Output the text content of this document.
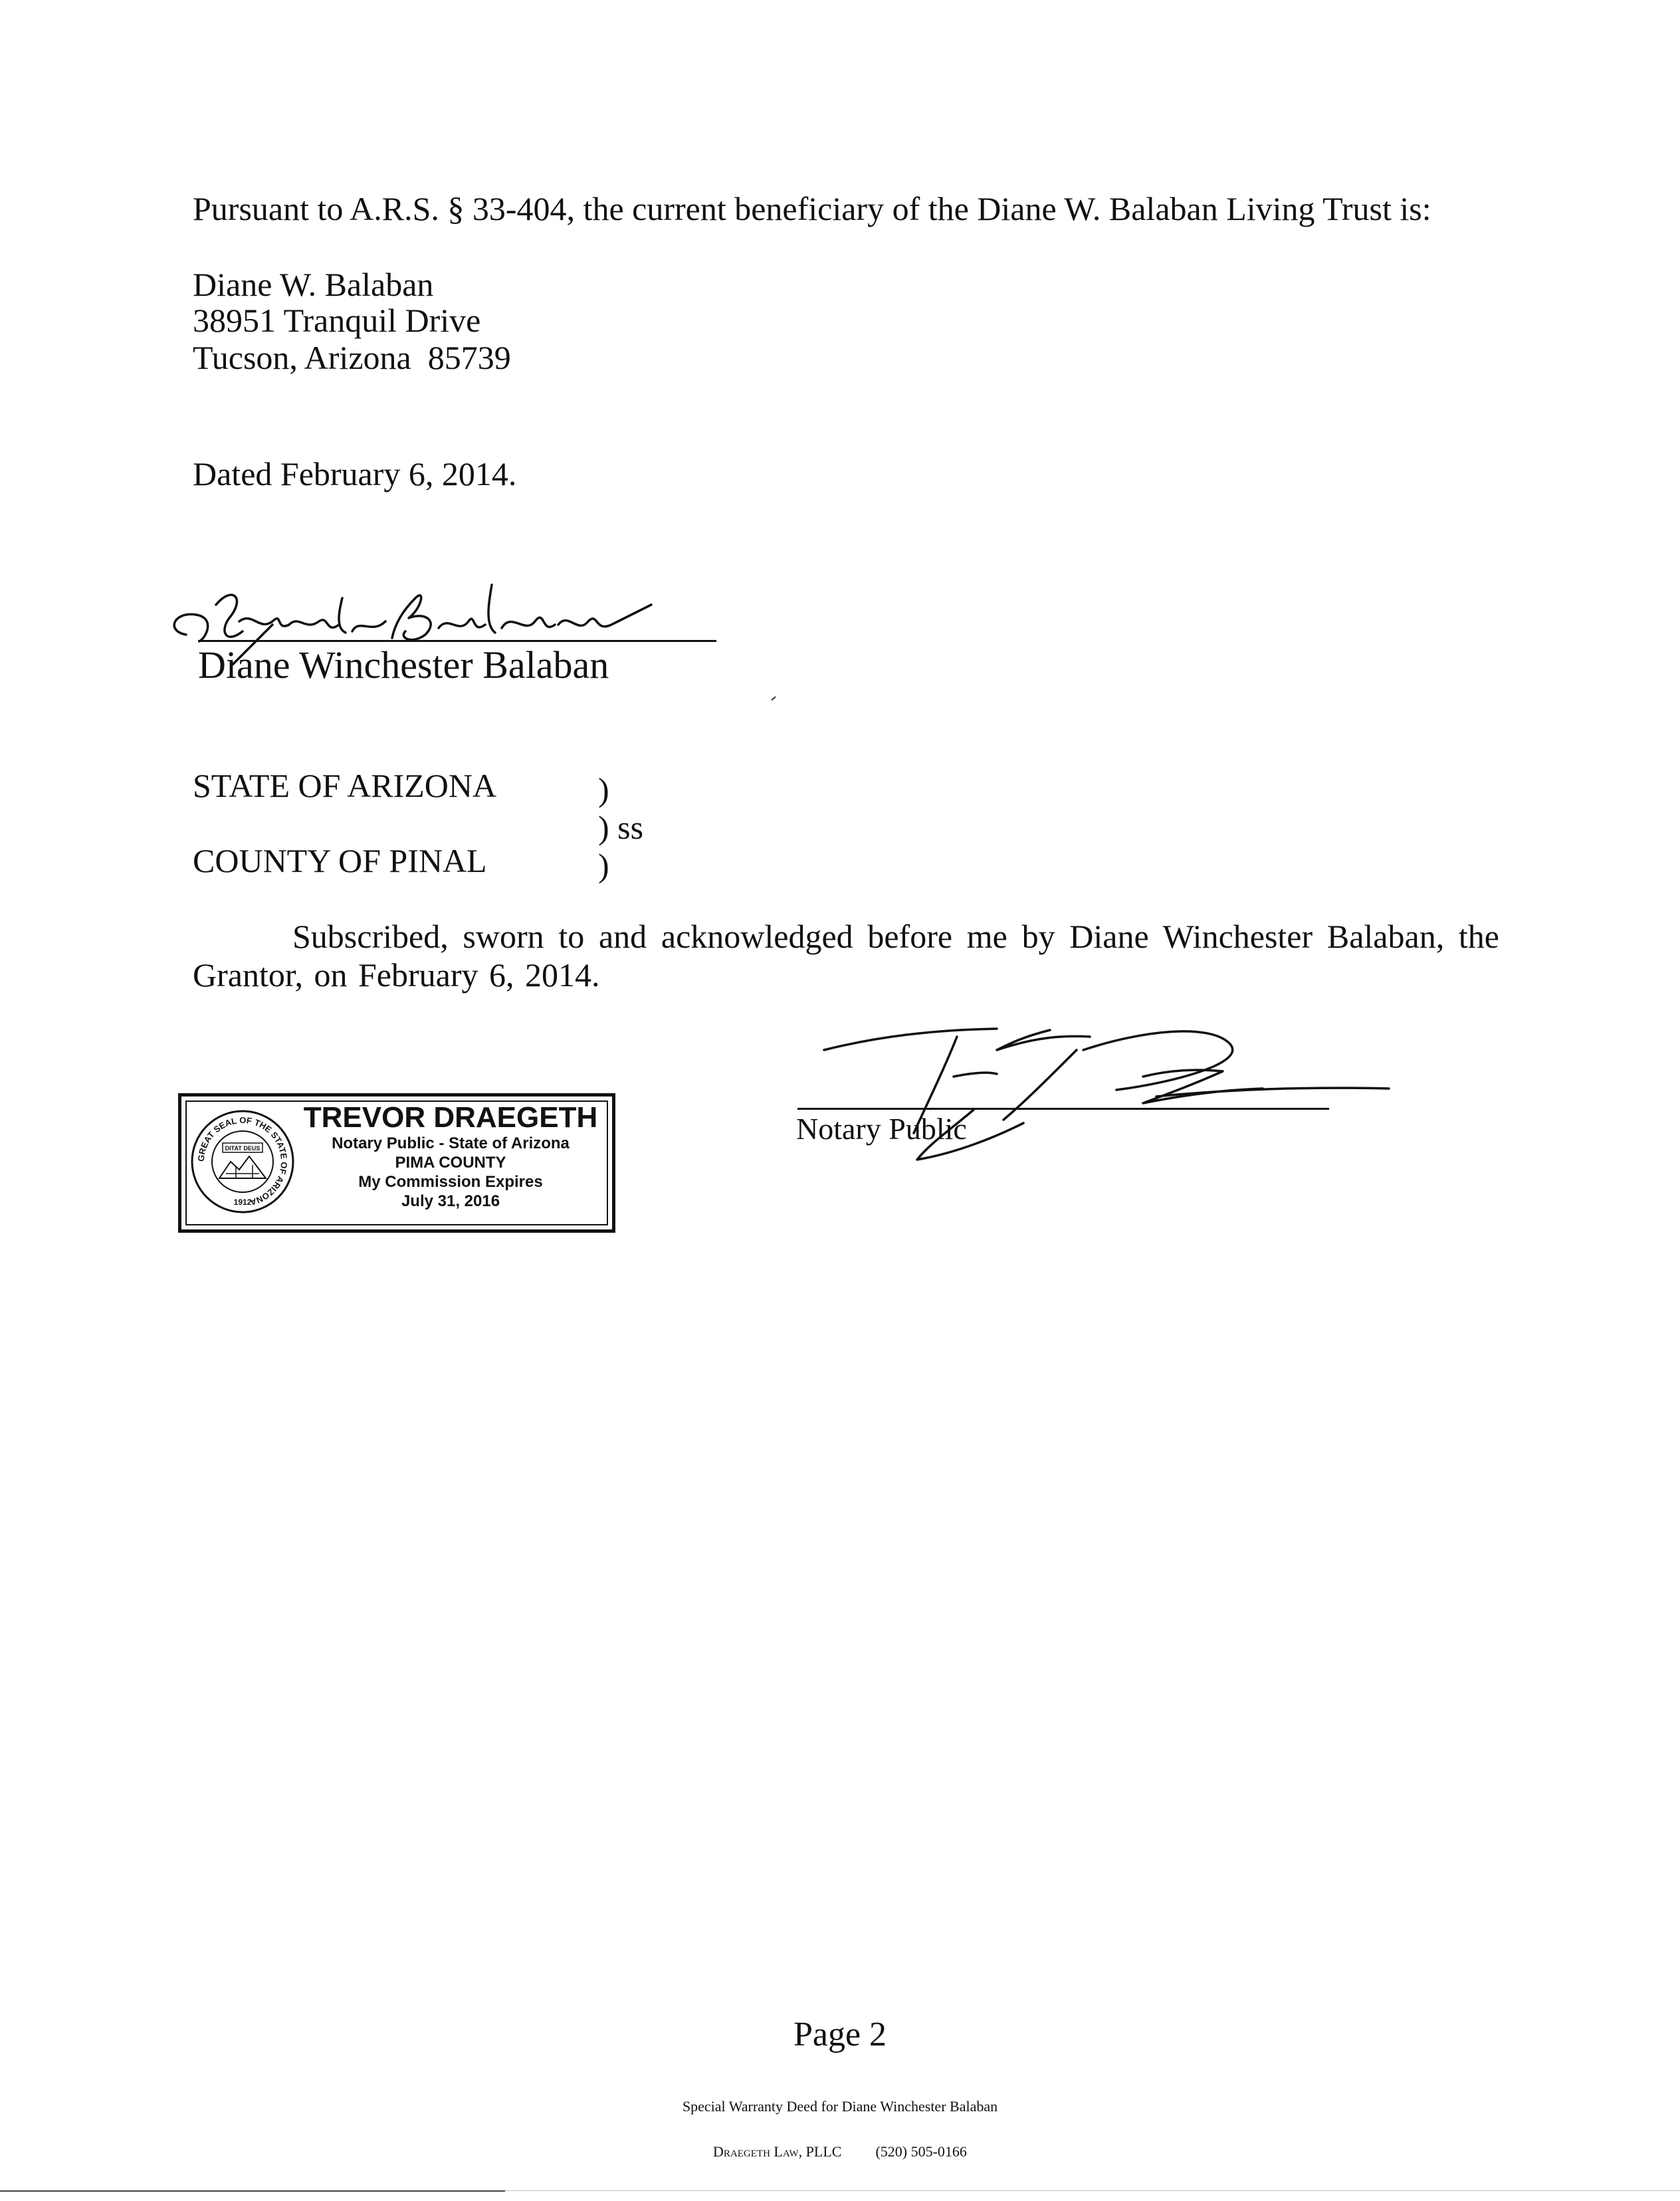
Pursuant to A.R.S. § 33-404, the current beneficiary of the Diane W. Balaban Living Trust is:
Diane W. Balaban
38951 Tranquil Drive
Tucson, Arizona  85739
Dated February 6, 2014.
Diane Winchester Balaban
STATE OF ARIZONA
COUNTY OF PINAL
)
) ss
)
Subscribed, sworn to and acknowledged before me by Diane Winchester Balaban, the Grantor, on February 6, 2014.
GREAT SEAL OF THE STATE OF ARIZONA
DITAT DEUS
1912
TREVOR DRAEGETH
Notary Public - State of Arizona
PIMA COUNTY
My Commission Expires
July 31, 2016
Notary Public
Page 2
Special Warranty Deed for Diane Winchester Balaban
Draegeth Law, PLLC (520) 505-0166
